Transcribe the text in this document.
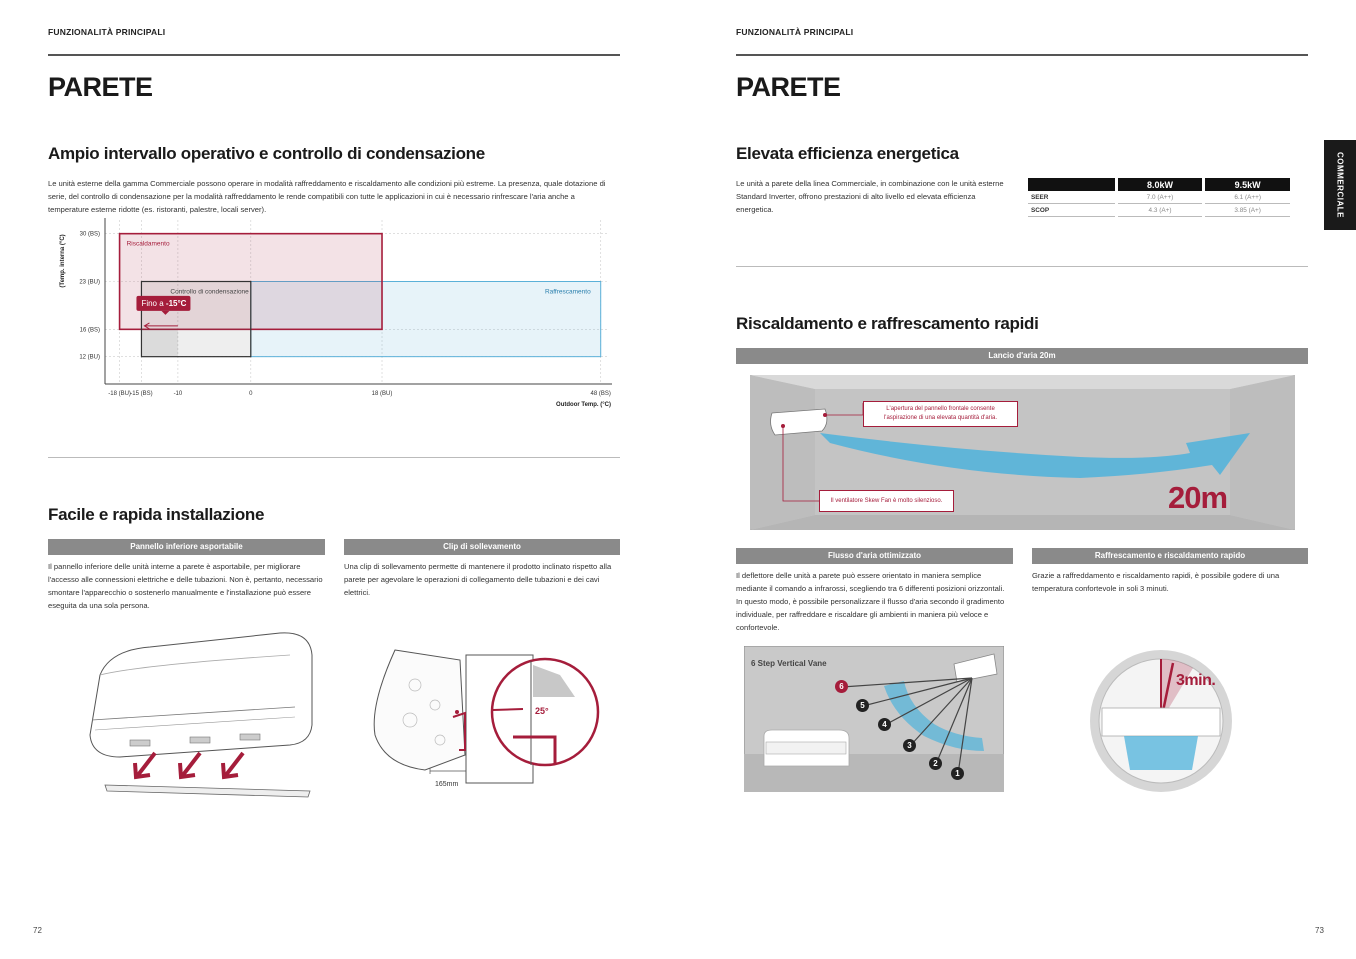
FUNZIONALITÀ PRINCIPALI
PARETE
Ampio intervallo operativo e controllo di condensazione
Le unità esterne della gamma Commerciale possono operare in modalità raffreddamento e riscaldamento alle condizioni più estreme. La presenza, quale dotazione di serie, del controllo di condensazione per la modalità raffreddamento le rende compatibili con tutte le applicazioni in cui è necessario rinfrescare l'aria anche a temperature esterne ridotte (es. ristoranti, palestre, locali server).
30 (BS)
23 (BU)
16 (BS)
12 (BU)
-18 (BU) -15 (BS)	-10	0	18 (BU)	48 (BS)
Riscaldamento
Controllo di condensazione	Raffrescamento
Fino a -15°C
Outdoor Temp. (°C)
(Temp. interna (°C)
Facile e rapida installazione
Pannello inferiore asportabile
Il pannello inferiore delle unità interne a parete è asportabile, per migliorare l'accesso alle connessioni elettriche e delle tubazioni. Non è, pertanto, necessario smontare l'apparecchio o sostenerlo manualmente e l'installazione può essere eseguita da una sola persona.
Clip di sollevamento
Una clip di sollevamento permette di mantenere il prodotto inclinato rispetto alla parete per agevolare le operazioni di collegamento delle tubazioni e dei cavi elettrici.
25°
165mm
72
FUNZIONALITÀ PRINCIPALI
PARETE
COMMERCIALE
Elevata efficienza energetica
Le unità a parete della linea Commerciale, in combinazione con le unità esterne Standard Inverter, offrono prestazioni di alto livello ed elevata efficienza energetica.
	8.0kW	9.5kW
SEER	7.0 (A++)	6.1 (A++)
SCOP	4.3 (A+)	3.85 (A+)
Riscaldamento e raffrescamento rapidi
Lancio d'aria 20m
L'apertura del pannello frontale consente l'aspirazione di una elevata quantità d'aria.
Il ventilatore Skew Fan è molto silenzioso.	20m
Flusso d'aria ottimizzato
Il deflettore delle unità a parete può essere orientato in maniera semplice mediante il comando a infrarossi, scegliendo tra 6 differenti posizioni orizzontali. In questo modo, è possibile personalizzare il flusso d'aria secondo il gradimento individuale, per raffreddare e riscaldare gli ambienti in maniera più veloce e confortevole.
Raffrescamento e riscaldamento rapido
Grazie a raffreddamento e riscaldamento rapidi, è possibile godere di una temperatura confortevole in soli 3 minuti.
6 Step Vertical Vane
6
5
4
3
2
1
3min.
73
